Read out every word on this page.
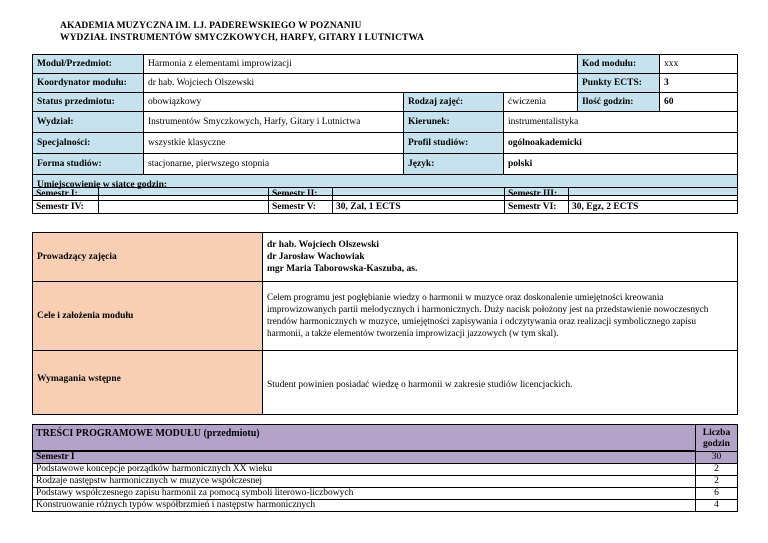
AKADEMIA MUZYCZNA IM. I.J. PADEREWSKIEGO W POZNANIU
WYDZIAŁ INSTRUMENTÓW SMYCZKOWYCH, HARFY, GITARY I LUTNICTWA
Moduł/Przedmiot:	Harmonia z elementami improwizacji			Kod modułu:	xxx
Koordynator modułu:	dr hab. Wojciech Olszewski			Punkty ECTS:	3
Status przedmiotu:	obowiązkowy	Rodzaj zajęć:	ćwiczenia	Ilość godzin:	60
Wydział:	Instrumentów Smyczkowych, Harfy, Gitary i Lutnictwa	Kierunek:	instrumentalistyka		
Specjalności:	wszystkie klasyczne	Profil studiów:	ogólnoakademicki		
Forma studiów:	stacjonarne, pierwszego stopnia	Język:	polski		
Umiejscowienie w siatce godzin:					
Semestr I:		Semestr II:		Semestr III:	
Semestr IV:		Semestr V:	30, Zal, 1 ECTS	Semestr VI:	30, Egz, 2 ECTS
Prowadzący zajęcia	dr hab. Wojciech Olszewski
dr Jarosław Wachowiak
mgr Maria Taborowska-Kaszuba, as.

Cele i założenia modułu	Celem programu jest pogłębianie wiedzy o harmonii w muzyce oraz doskonalenie umiejętności kreowania improwizowanych partii melodycznych i harmonicznych. Duży nacisk położony jest na przedstawienie nowoczesnych trendów harmonicznych w muzyce, umiejętności zapisywania i odczytywania oraz realizacji symbolicznego zapisu harmonii, a także elementów tworzenia improwizacji jazzowych (w tym skal).
Wymagania wstępne	Student powinien posiadać wiedzę o harmonii w zakresie studiów licencjackich.
TREŚCI PROGRAMOWE MODUŁU (przedmiotu)	Liczba
godzin

Semestr I	30
Podstawowe koncepcje porządków harmonicznych XX wieku	2
Rodzaje następstw harmonicznych w muzyce współczesnej	2
Podstawy współczesnego zapisu harmonii za pomocą symboli literowo-liczbowych	6
Konstruowanie różnych typów współbrzmień i następstw harmonicznych	4
